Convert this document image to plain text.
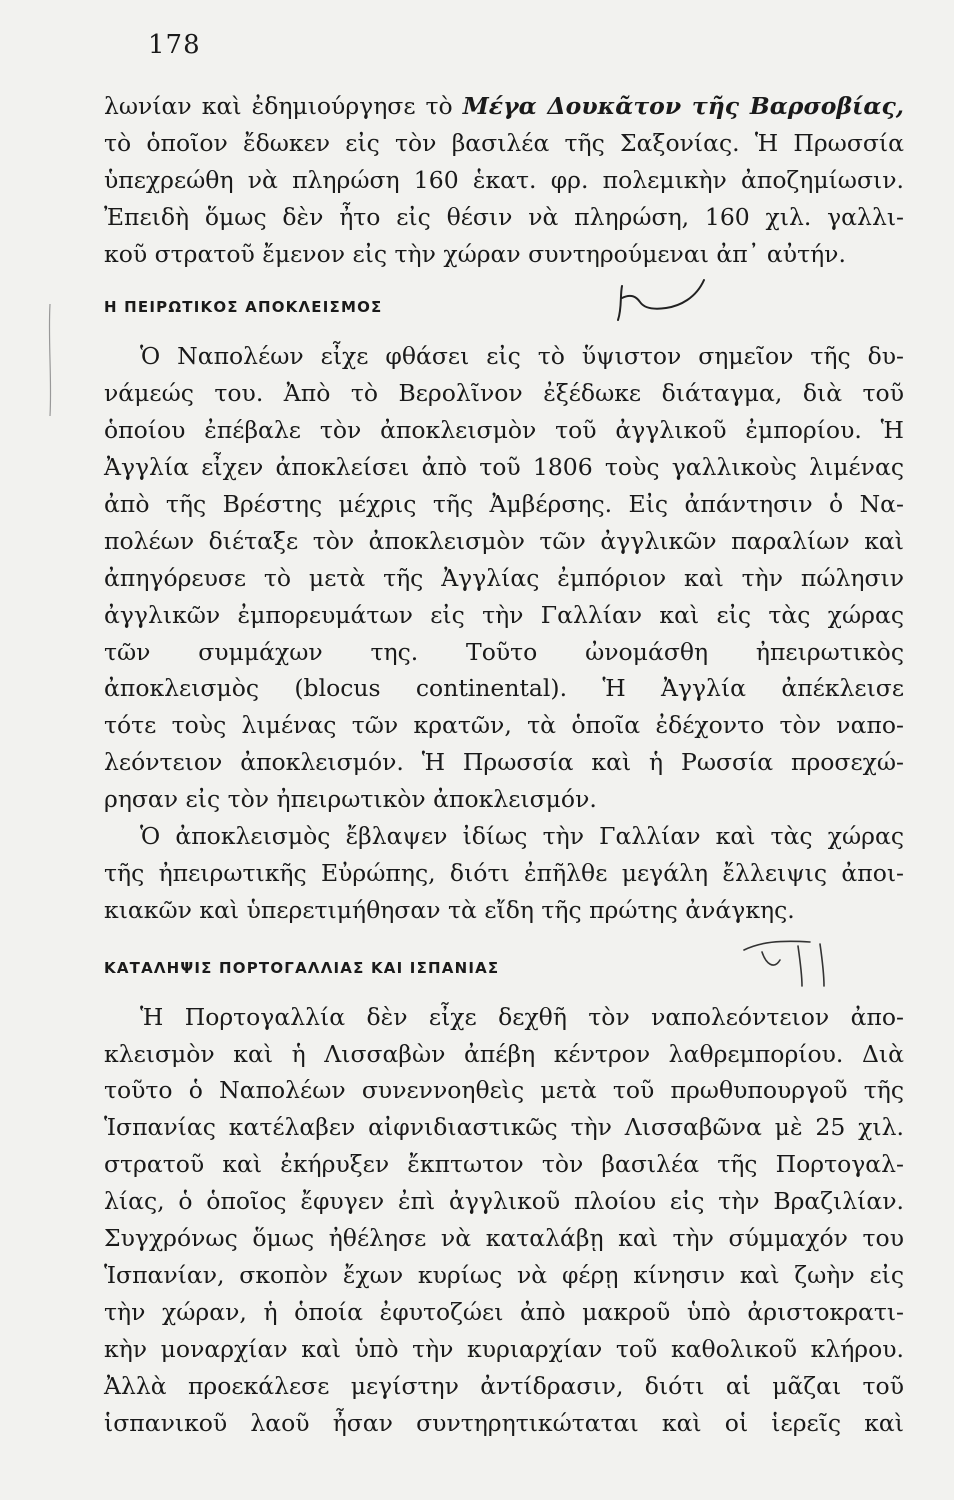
178
λωνίαν καὶ ἐδημιούργησε τὸ Μέγα Δουκᾶτον τῆς Βαρσοβίας,
τὸ ὁποῖον ἔδωκεν εἰς τὸν βασιλέα τῆς Σαξονίας. Ἡ Πρωσσία
ὑπεχρεώθη νὰ πληρώση 160 ἑκατ. φρ. πολεμικὴν ἀποζημίωσιν.
Ἐπειδὴ ὅμως δὲν ἦτο εἰς θέσιν νὰ πληρώση, 160 χιλ. γαλλι-
κοῦ στρατοῦ ἔμενον εἰς τὴν χώραν συντηρούμεναι ἀπ᾿ αὐτήν.
Η ΠΕΙΡΩΤΙΚΟΣ ΑΠΟΚΛΕΙΣΜΟΣ
Ὁ Ναπολέων εἶχε φθάσει εἰς τὸ ὕψιστον σημεῖον τῆς δυ-
νάμεώς του. Ἀπὸ τὸ Βερολῖνον ἐξέδωκε διάταγμα, διὰ τοῦ
ὁποίου ἐπέβαλε τὸν ἀποκλεισμὸν τοῦ ἀγγλικοῦ ἐμπορίου. Ἡ
Ἀγγλία εἶχεν ἀποκλείσει ἀπὸ τοῦ 1806 τοὺς γαλλικοὺς λιμένας
ἀπὸ τῆς Βρέστης μέχρις τῆς Ἀμβέρσης. Εἰς ἀπάντησιν ὁ Να-
πολέων διέταξε τὸν ἀποκλεισμὸν τῶν ἀγγλικῶν παραλίων καὶ
ἀπηγόρευσε τὸ μετὰ τῆς Ἀγγλίας ἐμπόριον καὶ τὴν πώλησιν
ἀγγλικῶν ἐμπορευμάτων εἰς τὴν Γαλλίαν καὶ εἰς τὰς χώρας
τῶν συμμάχων της. Τοῦτο ὠνομάσθη ἠπειρωτικὸς
ἀποκλεισμὸς (blocus continental). Ἡ Ἀγγλία ἀπέκλεισε
τότε τοὺς λιμένας τῶν κρατῶν, τὰ ὁποῖα ἐδέχοντο τὸν ναπο-
λεόντειον ἀποκλεισμόν. Ἡ Πρωσσία καὶ ἡ Ρωσσία προσεχώ-
ρησαν εἰς τὸν ἠπειρωτικὸν ἀποκλεισμόν.
Ὁ ἀποκλεισμὸς ἔβλαψεν ἰδίως τὴν Γαλλίαν καὶ τὰς χώρας
τῆς ἠπειρωτικῆς Εὐρώπης, διότι ἐπῆλθε μεγάλη ἔλλειψις ἀποι-
κιακῶν καὶ ὑπερετιμήθησαν τὰ εἴδη τῆς πρώτης ἀνάγκης.
ΚΑΤΑΛΗΨΙΣ ΠΟΡΤΟΓΑΛΛΙΑΣ ΚΑΙ ΙΣΠΑΝΙΑΣ
Ἡ Πορτογαλλία δὲν εἶχε δεχθῆ τὸν ναπολεόντειον ἀπο-
κλεισμὸν καὶ ἡ Λισσαβὼν ἀπέβη κέντρον λαθρεμπορίου. Διὰ
τοῦτο ὁ Ναπολέων συνεννοηθεὶς μετὰ τοῦ πρωθυπουργοῦ τῆς
Ἱσπανίας κατέλαβεν αἰφνιδιαστικῶς τὴν Λισσαβῶνα μὲ 25 χιλ.
στρατοῦ καὶ ἐκήρυξεν ἔκπτωτον τὸν βασιλέα τῆς Πορτογαλ-
λίας, ὁ ὁποῖος ἔφυγεν ἐπὶ ἀγγλικοῦ πλοίου εἰς τὴν Βραζιλίαν.
Συγχρόνως ὅμως ἠθέλησε νὰ καταλάβῃ καὶ τὴν σύμμαχόν του
Ἱσπανίαν, σκοπὸν ἔχων κυρίως νὰ φέρῃ κίνησιν καὶ ζωὴν εἰς
τὴν χώραν, ἡ ὁποία ἐφυτοζώει ἀπὸ μακροῦ ὑπὸ ἀριστοκρατι-
κὴν μοναρχίαν καὶ ὑπὸ τὴν κυριαρχίαν τοῦ καθολικοῦ κλήρου.
Ἀλλὰ προεκάλεσε μεγίστην ἀντίδρασιν, διότι αἱ μᾶζαι τοῦ
ἱσπανικοῦ λαοῦ ἦσαν συντηρητικώταται καὶ οἱ ἱερεῖς καὶ
